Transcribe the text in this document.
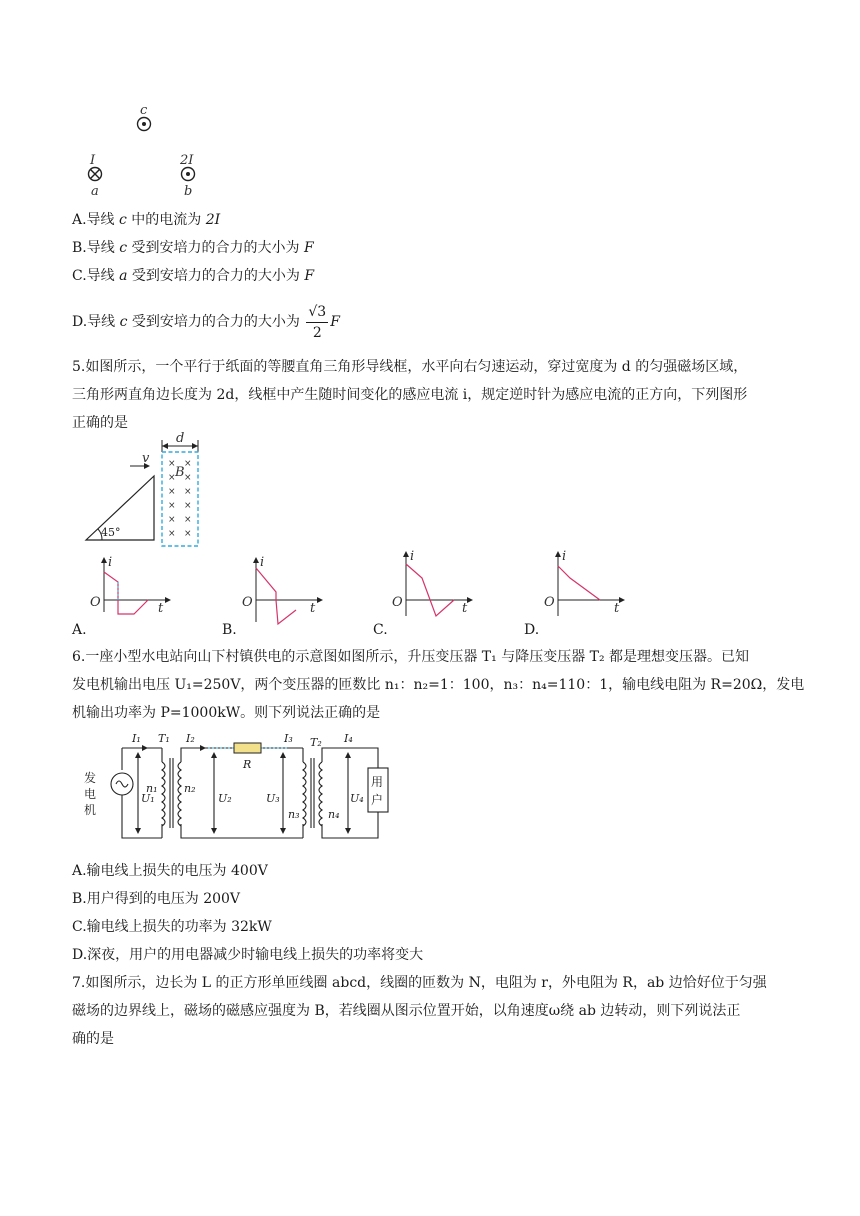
c
I
a
2I
b
A.导线 c 中的电流为 2I
B.导线 c 受到安培力的合力的大小为 F
C.导线 a 受到安培力的合力的大小为 F
D.导线 c 受到安培力的合力的大小为 $\frac{√3}{2}$ F
5.如图所示，一个平行于纸面的等腰直角三角形导线框，水平向右匀速运动，穿过宽度为 d 的匀强磁场区域，
三角形两直角边长度为 2d，线框中产生随时间变化的感应电流 i，规定逆时针为感应电流的正方向，下列图形
正确的是
d
× ×
× ×
× ×
× ×
× ×
× ×
B
v
45°
i
O	t
i
O	t
i
O	t
i
O	t
A.	B.	C.	D.
6.一座小型水电站向山下村镇供电的示意图如图所示，升压变压器 T₁ 与降压变压器 T₂ 都是理想变压器。已知
发电机输出电压 U₁=250V，两个变压器的匝数比 n₁：n₂=1：100，n₃：n₄=110：1，输电线电阻为 R=20Ω，发电
机输出功率为 P=1000kW。则下列说法正确的是
发
电
机
用
户
I₁ T₁ I₂
R
I₃ T₂ I₄
U₁
n₁ n₂
U₂	U₃
n₃
U₄
n₄
A.输电线上损失的电压为 400V
B.用户得到的电压为 200V
C.输电线上损失的功率为 32kW
D.深夜，用户的用电器减少时输电线上损失的功率将变大
7.如图所示，边长为 L 的正方形单匝线圈 abcd，线圈的匝数为 N，电阻为 r，外电阻为 R，ab 边恰好位于匀强
磁场的边界线上，磁场的磁感应强度为 B，若线圈从图示位置开始，以角速度ω绕 ab 边转动，则下列说法正
确的是
